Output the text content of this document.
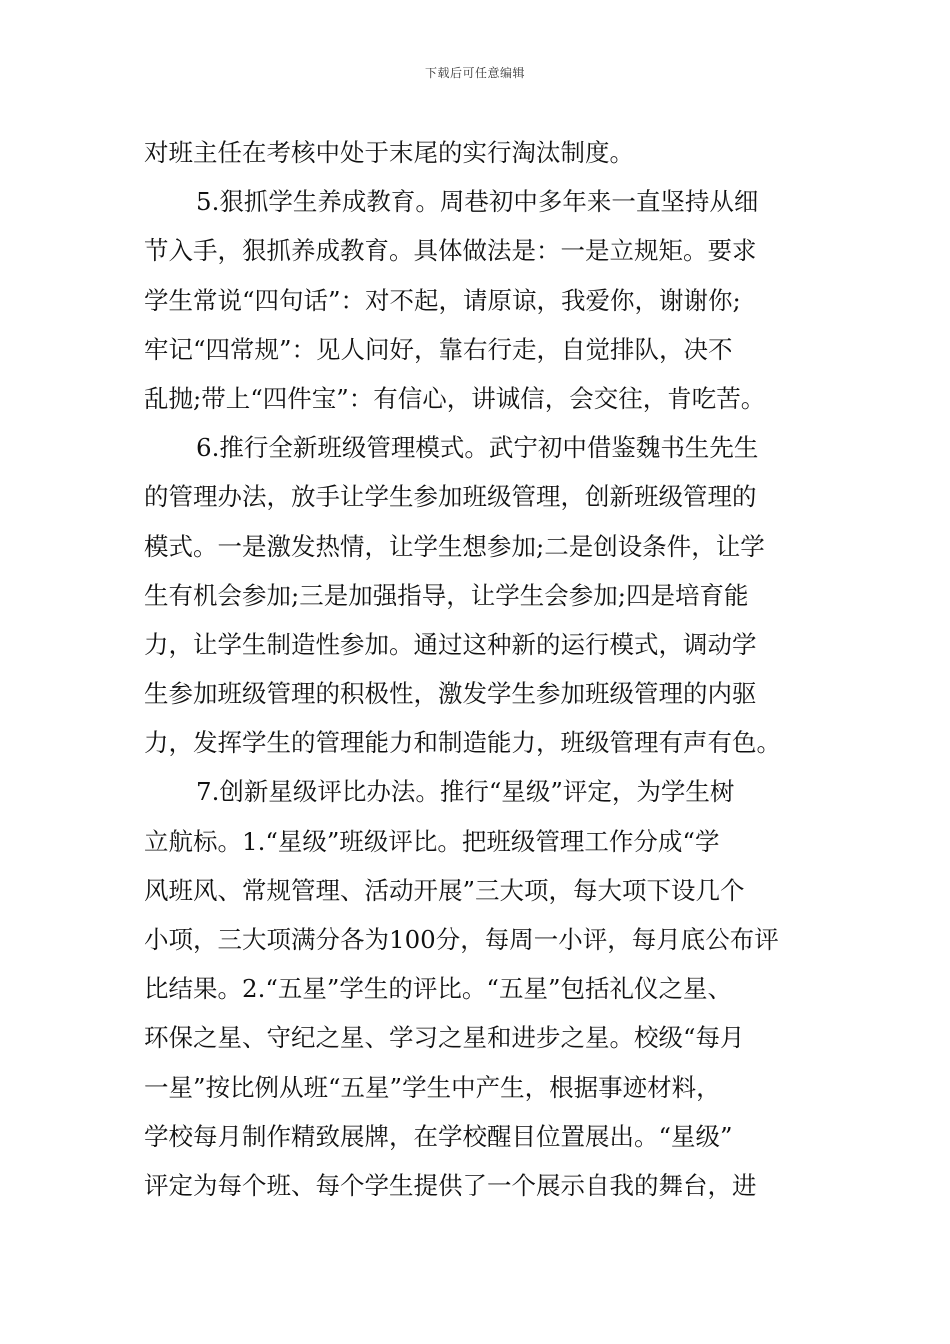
下载后可任意编辑
对班主任在考核中处于末尾的实行淘汰制度。
5.狠抓学生养成教育。周巷初中多年来一直坚持从细
节入手，狠抓养成教育。具体做法是：一是立规矩。要求
学生常说“四句话”：对不起，请原谅，我爱你，谢谢你;
牢记“四常规”：见人问好，靠右行走，自觉排队，决不
乱抛;带上“四件宝”：有信心，讲诚信，会交往，肯吃苦。
6.推行全新班级管理模式。武宁初中借鉴魏书生先生
的管理办法，放手让学生参加班级管理，创新班级管理的
模式。一是激发热情，让学生想参加;二是创设条件，让学
生有机会参加;三是加强指导，让学生会参加;四是培育能
力，让学生制造性参加。通过这种新的运行模式，调动学
生参加班级管理的积极性，激发学生参加班级管理的内驱
力，发挥学生的管理能力和制造能力，班级管理有声有色。
7.创新星级评比办法。推行“星级”评定，为学生树
立航标。1.“星级”班级评比。把班级管理工作分成“学
风班风、常规管理、活动开展”三大项，每大项下设几个
小项，三大项满分各为100分，每周一小评，每月底公布评
比结果。2.“五星”学生的评比。“五星”包括礼仪之星、
环保之星、守纪之星、学习之星和进步之星。校级“每月
一星”按比例从班“五星”学生中产生，根据事迹材料，
学校每月制作精致展牌，在学校醒目位置展出。“星级”
评定为每个班、每个学生提供了一个展示自我的舞台，进
